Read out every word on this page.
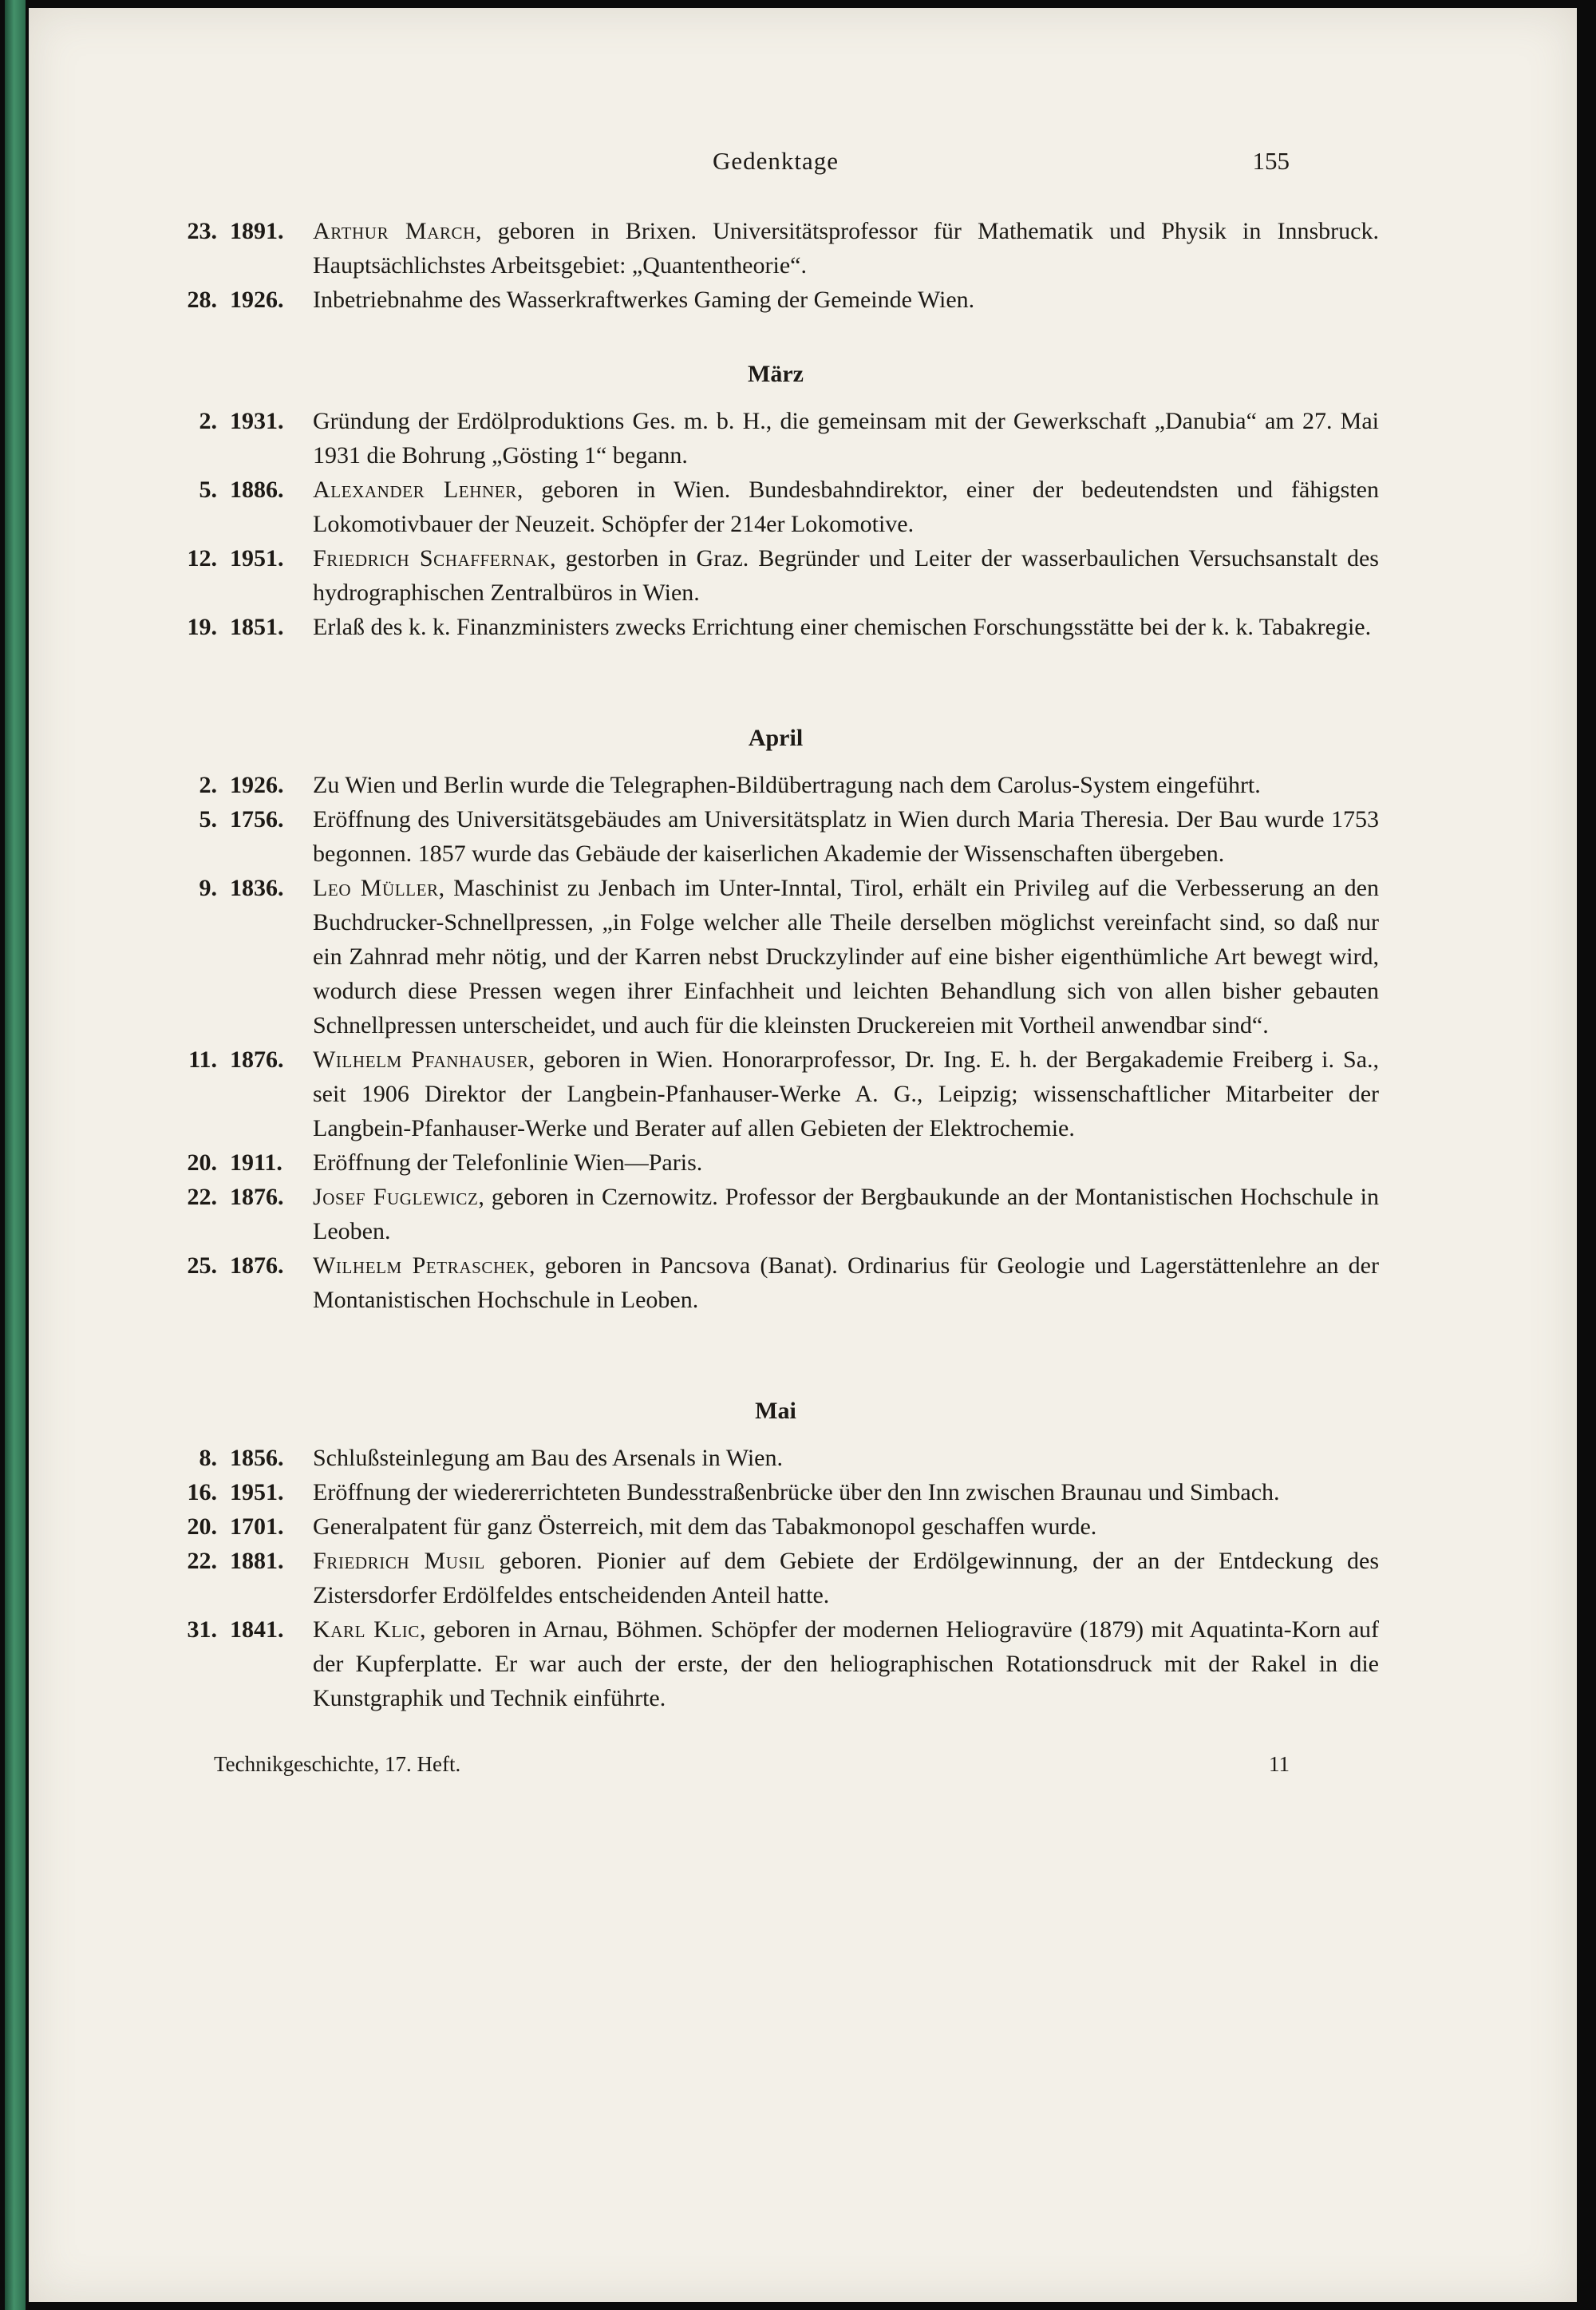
Gedenktage	155
23. 1891.	Arthur March, geboren in Brixen. Universitätsprofessor für Mathematik und Physik in Innsbruck. Hauptsächlichstes Arbeitsgebiet: „Quantentheorie“.
28. 1926.	Inbetriebnahme des Wasserkraftwerkes Gaming der Gemeinde Wien.
März
2. 1931.	Gründung der Erdölproduktions Ges. m. b. H., die gemeinsam mit der Gewerkschaft „Danubia“ am 27. Mai 1931 die Bohrung „Gösting 1“ begann.
5. 1886.	Alexander Lehner, geboren in Wien. Bundesbahndirektor, einer der bedeutendsten und fähigsten Lokomotivbauer der Neuzeit. Schöpfer der 214er Lokomotive.
12. 1951.	Friedrich Schaffernak, gestorben in Graz. Begründer und Leiter der wasserbaulichen Versuchsanstalt des hydrographischen Zentralbüros in Wien.
19. 1851.	Erlaß des k. k. Finanzministers zwecks Errichtung einer chemischen Forschungsstätte bei der k. k. Tabakregie.
April
2. 1926.	Zu Wien und Berlin wurde die Telegraphen-Bildübertragung nach dem Carolus-System eingeführt.
5. 1756.	Eröffnung des Universitätsgebäudes am Universitätsplatz in Wien durch Maria Theresia. Der Bau wurde 1753 begonnen. 1857 wurde das Gebäude der kaiserlichen Akademie der Wissenschaften übergeben.
9. 1836.	Leo Müller, Maschinist zu Jenbach im Unter-Inntal, Tirol, erhält ein Privileg auf die Verbesserung an den Buchdrucker-Schnellpressen, „in Folge welcher alle Theile derselben möglichst vereinfacht sind, so daß nur ein Zahnrad mehr nötig, und der Karren nebst Druckzylinder auf eine bisher eigenthümliche Art bewegt wird, wodurch diese Pressen wegen ihrer Einfachheit und leichten Behandlung sich von allen bisher gebauten Schnellpressen unterscheidet, und auch für die kleinsten Druckereien mit Vortheil anwendbar sind“.
11. 1876.	Wilhelm Pfanhauser, geboren in Wien. Honorarprofessor, Dr. Ing. E. h. der Bergakademie Freiberg i. Sa., seit 1906 Direktor der Langbein-Pfanhauser-Werke A. G., Leipzig; wissenschaftlicher Mitarbeiter der Langbein-Pfanhauser-Werke und Berater auf allen Gebieten der Elektrochemie.
20. 1911.	Eröffnung der Telefonlinie Wien—Paris.
22. 1876.	Josef Fuglewicz, geboren in Czernowitz. Professor der Bergbaukunde an der Montanistischen Hochschule in Leoben.
25. 1876.	Wilhelm Petraschek, geboren in Pancsova (Banat). Ordinarius für Geologie und Lagerstättenlehre an der Montanistischen Hochschule in Leoben.
Mai
8. 1856.	Schlußsteinlegung am Bau des Arsenals in Wien.
16. 1951.	Eröffnung der wiedererrichteten Bundesstraßenbrücke über den Inn zwischen Braunau und Simbach.
20. 1701.	Generalpatent für ganz Österreich, mit dem das Tabakmonopol geschaffen wurde.
22. 1881.	Friedrich Musil geboren. Pionier auf dem Gebiete der Erdölgewinnung, der an der Entdeckung des Zistersdorfer Erdölfeldes entscheidenden Anteil hatte.
31. 1841.	Karl Klic, geboren in Arnau, Böhmen. Schöpfer der modernen Heliogravüre (1879) mit Aquatinta-Korn auf der Kupferplatte. Er war auch der erste, der den heliographischen Rotationsdruck mit der Rakel in die Kunstgraphik und Technik einführte.
Technikgeschichte, 17. Heft.	11
